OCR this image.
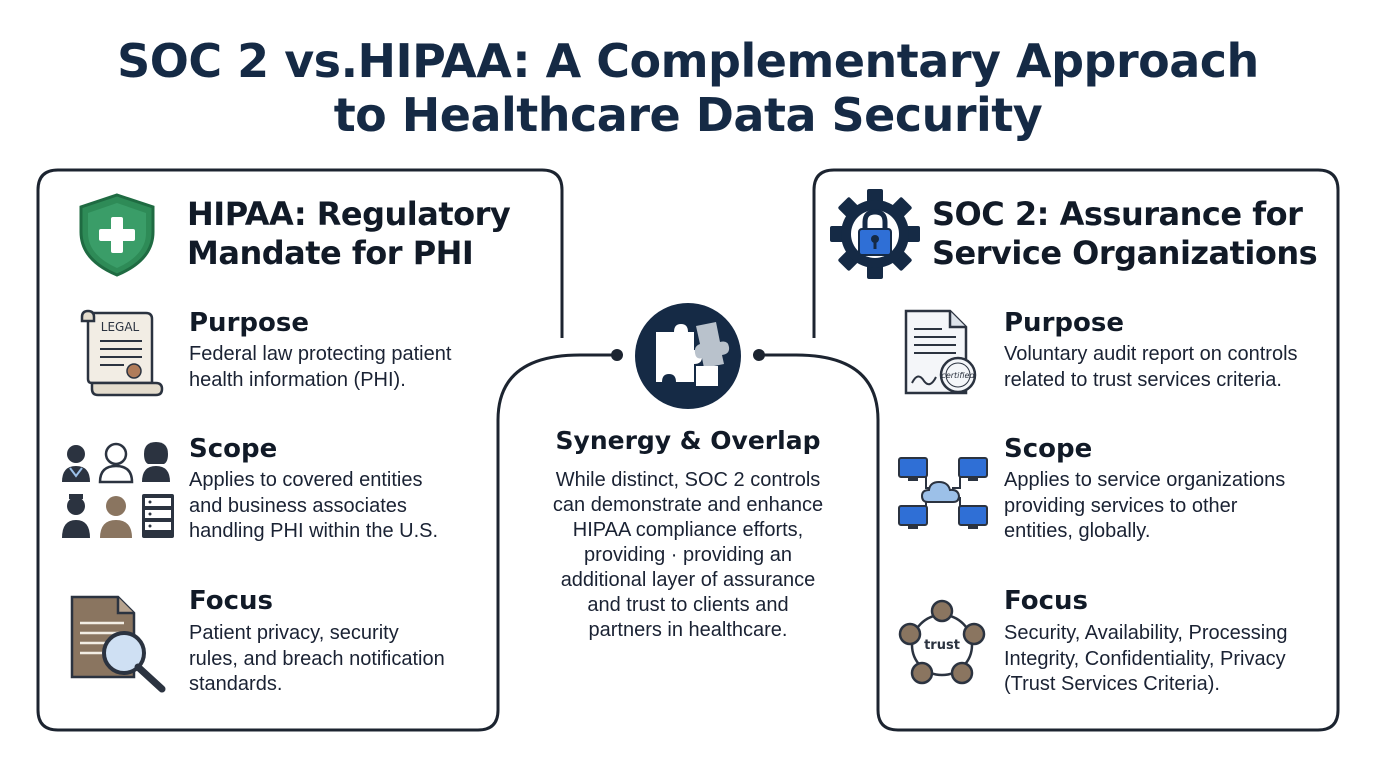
SOC 2 vs.HIPAA: A Complementary Approach
to Healthcare Data Security
HIPAA: Regulatory
Mandate for PHI
LEGAL Purpose
Federal law protecting patient
health information (PHI).
Scope
Applies to covered entities
and business associates
handling PHI within the U.S.
Focus
Patient privacy, security
rules, and breach notification
standards.
Synergy & Overlap
While distinct, SOC 2 controls
can demonstrate and enhance
HIPAA compliance efforts,
providing · providing an
additional layer of assurance
and trust to clients and
partners in healthcare.
SOC 2: Assurance for
Service Organizations
certified
Purpose
Voluntary audit report on controls
related to trust services criteria.
Scope
Applies to service organizations
providing services to other
entities, globally.
trust
Focus
Security, Availability, Processing
Integrity, Confidentiality, Privacy
(Trust Services Criteria).
